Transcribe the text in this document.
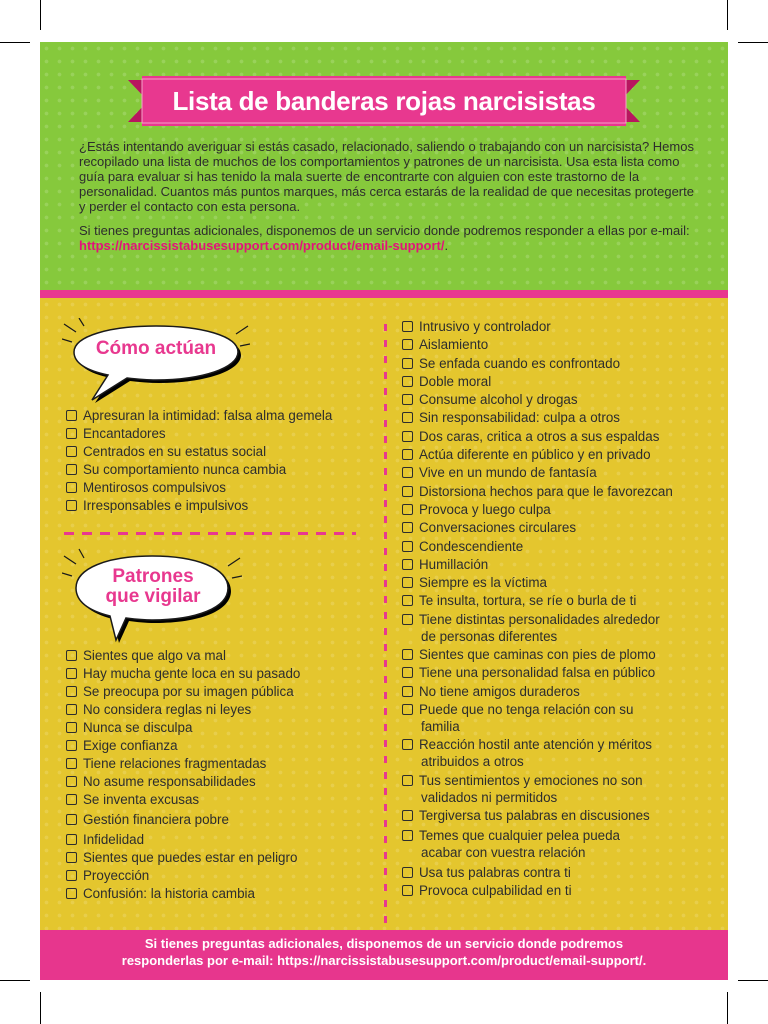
Lista de banderas rojas narcisistas

¿Estás intentando averiguar si estás casado, relacionado, saliendo o trabajando con un narcisista? Hemos recopilado una lista de muchos de los comportamientos y patrones de un narcisista. Usa esta lista como guía para evaluar si has tenido la mala suerte de encontrarte con alguien con este trastorno de la personalidad. Cuantos más puntos marques, más cerca estarás de la realidad de que necesitas protegerte y perder el contacto con esta persona.

Si tienes preguntas adicionales, disponemos de un servicio donde podremos responder a ellas por e-mail: https://narcissistabusesupport.com/product/email-support/.

Cómo actúan
Apresuran la intimidad: falsa alma gemela
Encantadores
Centrados en su estatus social
Su comportamiento nunca cambia
Mentirosos compulsivos
Irresponsables e impulsivos
Patrones
que vigilar
Sientes que algo va mal
Hay mucha gente loca en su pasado
Se preocupa por su imagen pública
No considera reglas ni leyes
Nunca se disculpa
Exige confianza
Tiene relaciones fragmentadas
No asume responsabilidades
Se inventa excusas
Gestión financiera pobre
Infidelidad
Sientes que puedes estar en peligro
Proyección
Confusión: la historia cambia
Intrusivo y controlador
Aislamiento
Se enfada cuando es confrontado
Doble moral
Consume alcohol y drogas
Sin responsabilidad: culpa a otros
Dos caras, critica a otros a sus espaldas
Actúa diferente en público y en privado
Vive en un mundo de fantasía
Distorsiona hechos para que le favorezcan
Provoca y luego culpa
Conversaciones circulares
Condescendiente
Humillación
Siempre es la víctima
Te insulta, tortura, se ríe o burla de ti
Tiene distintas personalidades alrededor
de personas diferentes
Sientes que caminas con pies de plomo
Tiene una personalidad falsa en público
No tiene amigos duraderos
Puede que no tenga relación con su
familia
Reacción hostil ante atención y méritos
atribuidos a otros
Tus sentimientos y emociones no son
validados ni permitidos
Tergiversa tus palabras en discusiones
Temes que cualquier pelea pueda
acabar con vuestra relación
Usa tus palabras contra ti
Provoca culpabilidad en ti
Si tienes preguntas adicionales, disponemos de un servicio donde podremos
responderlas por e-mail: https://narcissistabusesupport.com/product/email-support/.
